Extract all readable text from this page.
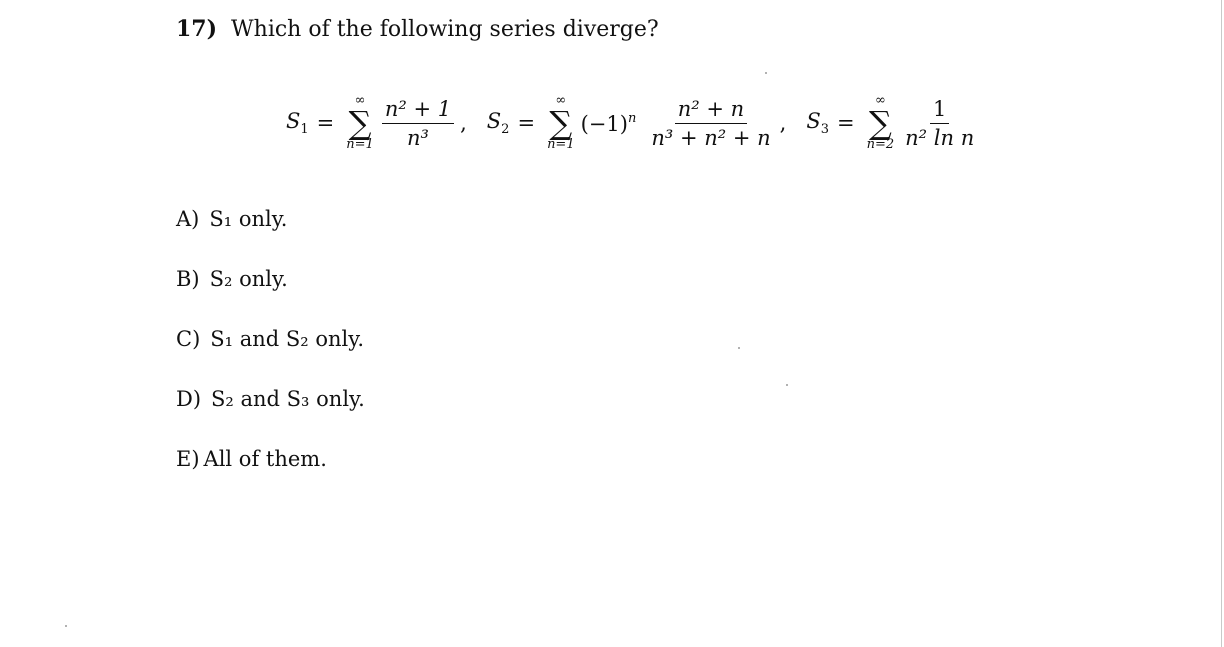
17) Which of the following series diverge?
$S_1$ =
∞
∑
$n=1 \frac{\text{n² + 1}}{\text{n³}}$ , $S_2$ =
∞
∑
n=1
$(-1)^n \frac{\text{n² + n}}{\text{n³ + n² + n}}$ , $S_3$ =
∞
∑
$n=2 \frac{1}{\text{n² ln n}}$
A) S₁ only.
B) S₂ only.
C) S₁ and S₂ only.
D) S₂ and S₃ only.
E) All of them.
